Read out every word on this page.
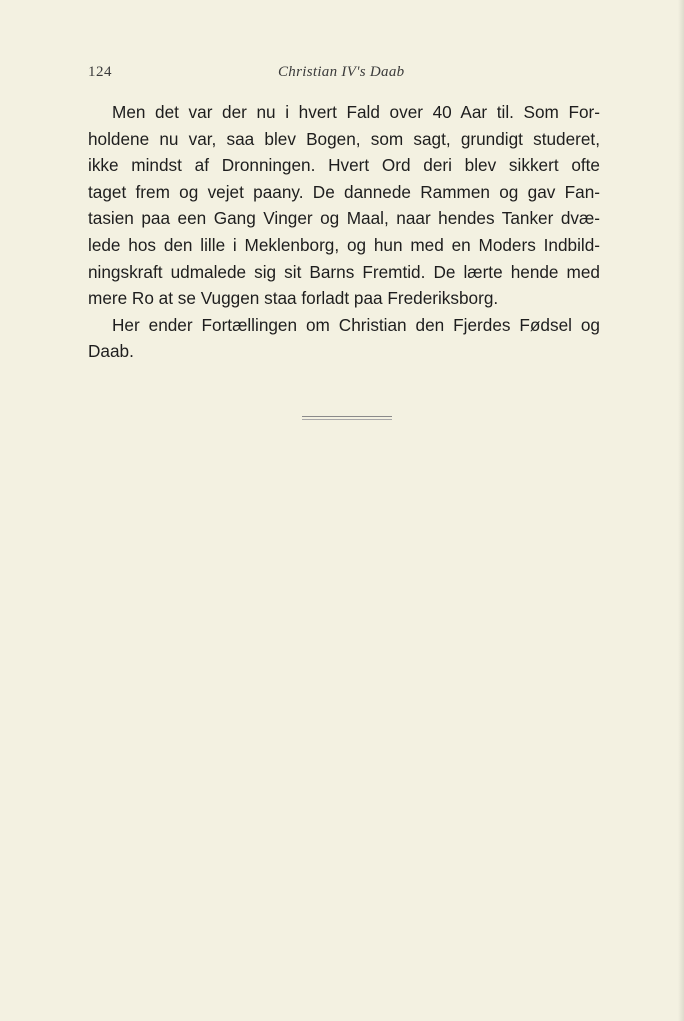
124	Christian IV's Daab
Men det var der nu i hvert Fald over 40 Aar til. Som For-
holdene nu var, saa blev Bogen, som sagt, grundigt studeret,
ikke mindst af Dronningen. Hvert Ord deri blev sikkert ofte
taget frem og vejet paany. De dannede Rammen og gav Fan-
tasien paa een Gang Vinger og Maal, naar hendes Tanker dvæ-
lede hos den lille i Meklenborg, og hun med en Moders Indbild-
ningskraft udmalede sig sit Barns Fremtid. De lærte hende med
mere Ro at se Vuggen staa forladt paa Frederiksborg.
Her ender Fortællingen om Christian den Fjerdes Fødsel og
Daab.
